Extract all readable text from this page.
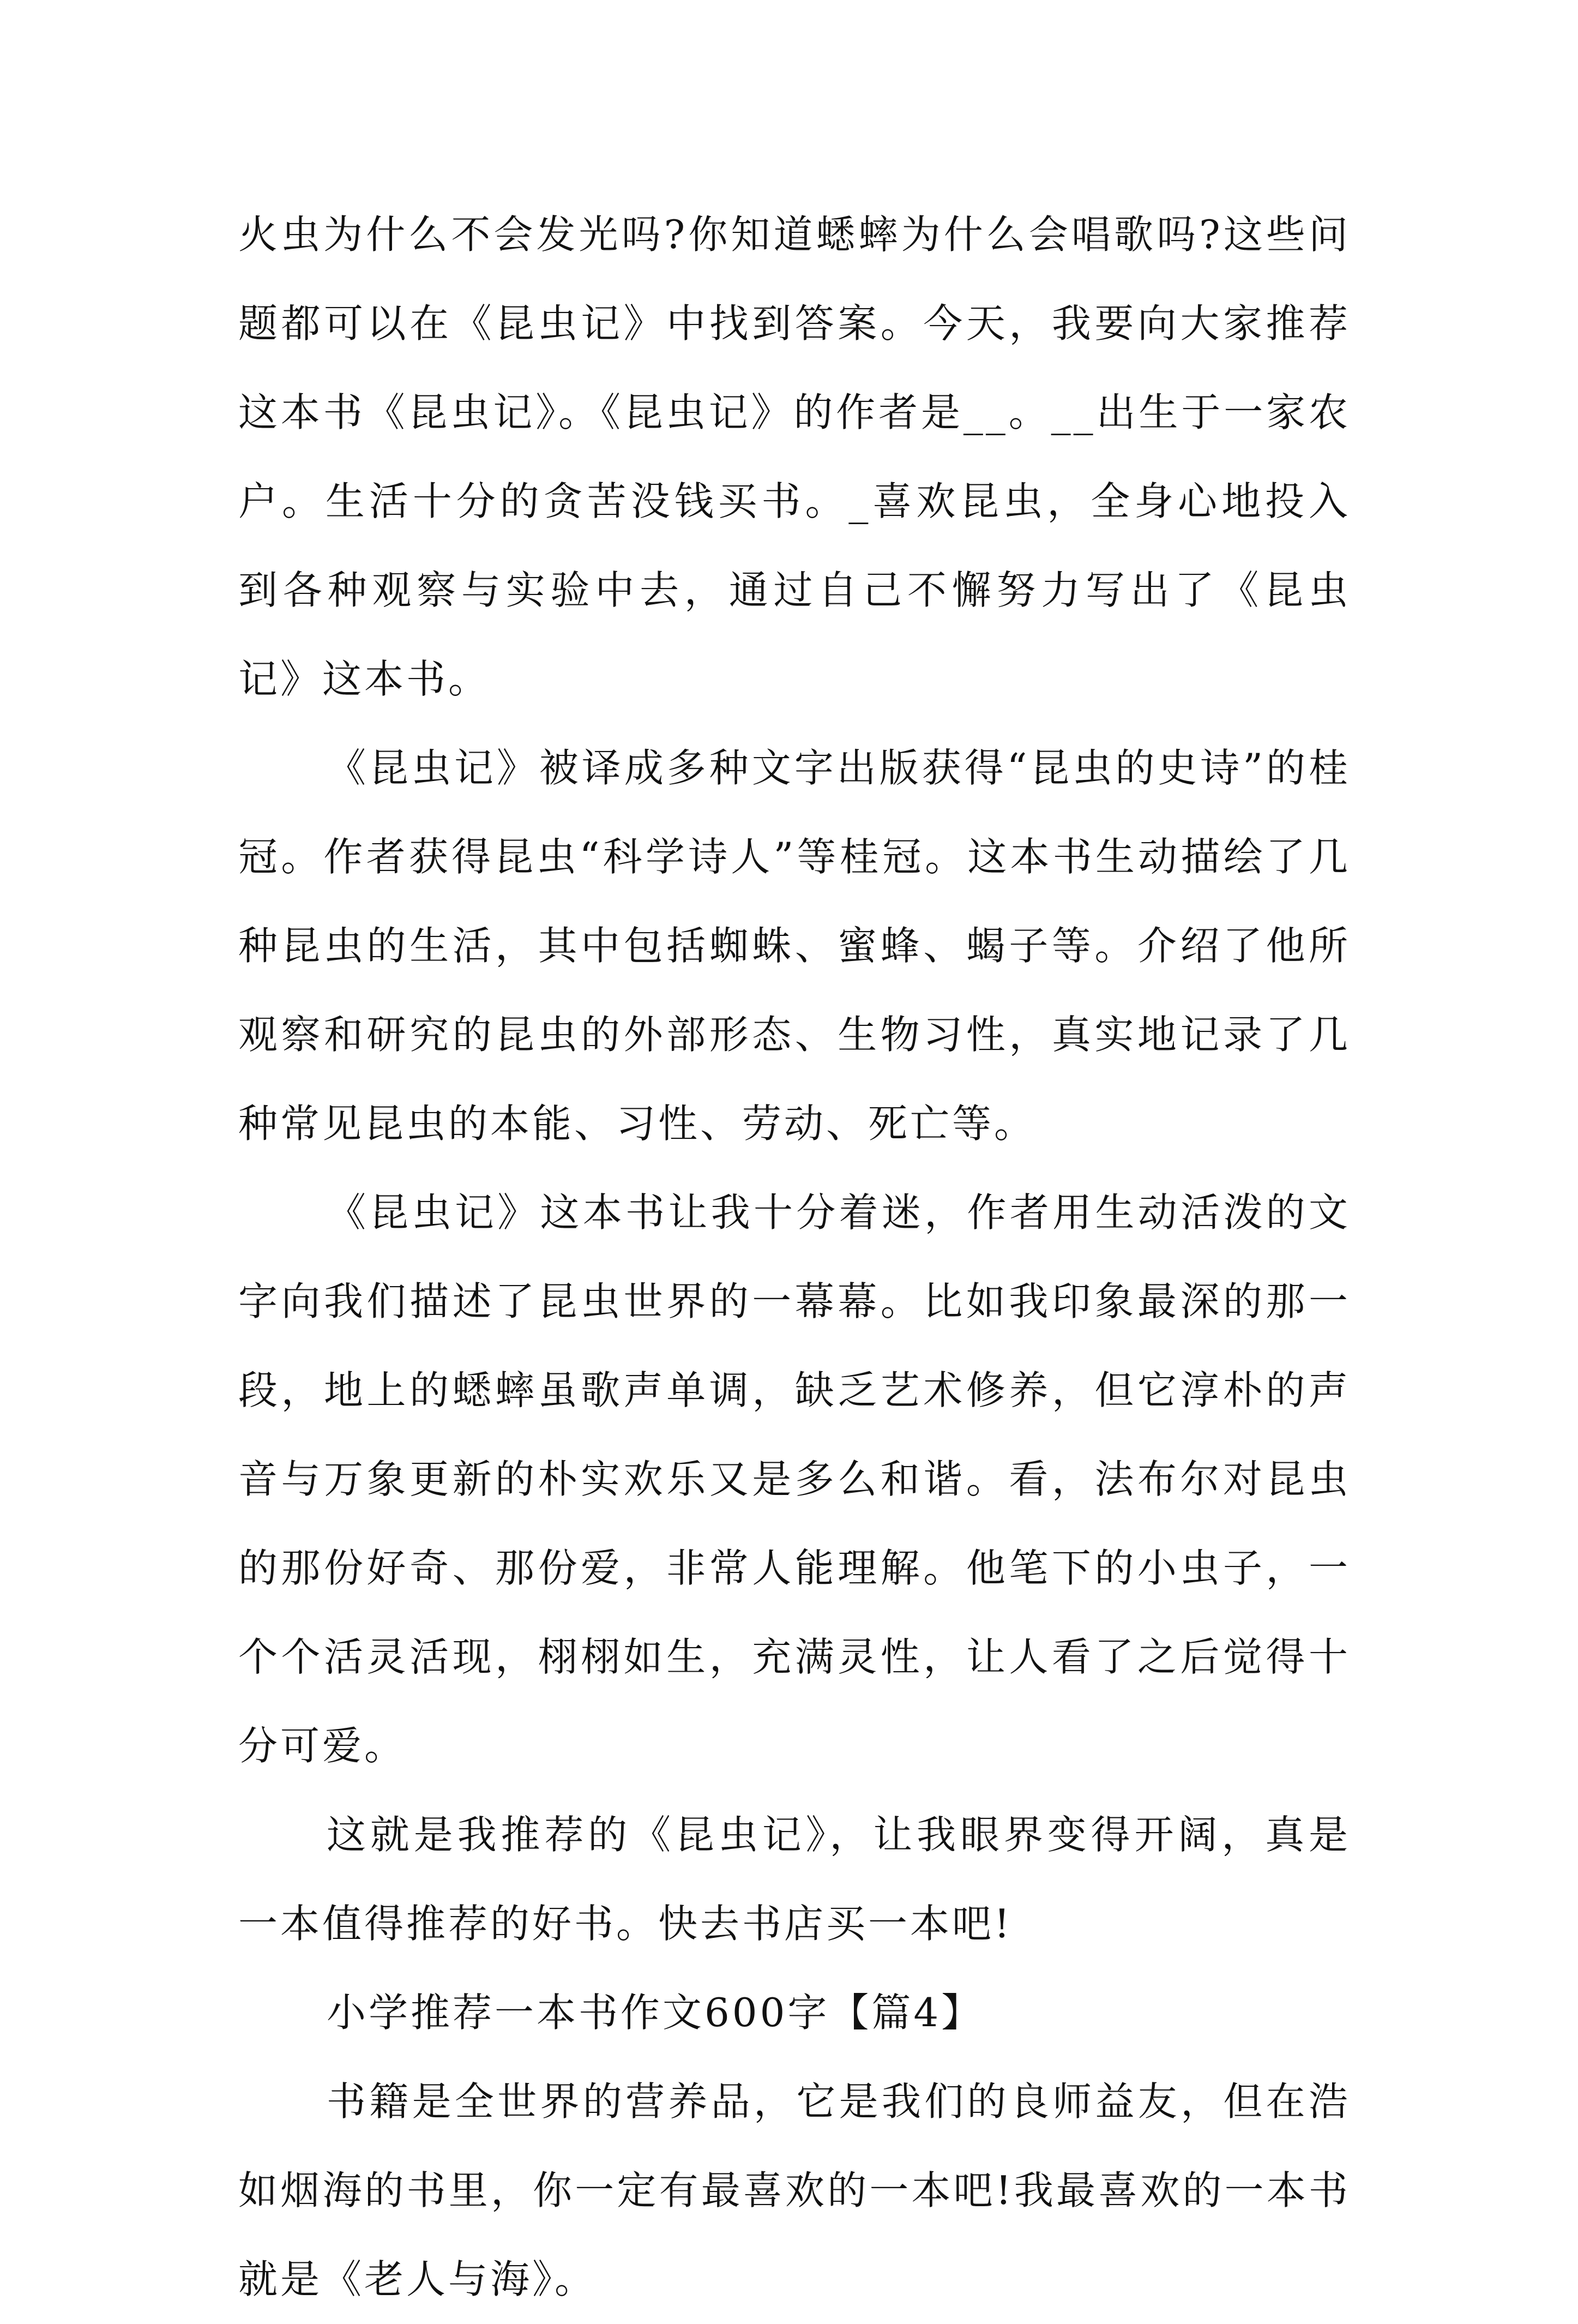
火虫为什么不会发光吗?你知道蟋蟀为什么会唱歌吗?这些问题都可以在《昆虫记》中找到答案。今天，我要向大家推荐这本书《昆虫记》。《昆虫记》的作者是__。__出生于一家农户。生活十分的贪苦没钱买书。_喜欢昆虫，全身心地投入到各种观察与实验中去，通过自己不懈努力写出了《昆虫记》这本书。

《昆虫记》被译成多种文字出版获得“昆虫的史诗”的桂冠。作者获得昆虫“科学诗人”等桂冠。这本书生动描绘了几种昆虫的生活，其中包括蜘蛛、蜜蜂、蝎子等。介绍了他所观察和研究的昆虫的外部形态、生物习性，真实地记录了几种常见昆虫的本能、习性、劳动、死亡等。

《昆虫记》这本书让我十分着迷，作者用生动活泼的文字向我们描述了昆虫世界的一幕幕。比如我印象最深的那一段，地上的蟋蟀虽歌声单调，缺乏艺术修养，但它淳朴的声音与万象更新的朴实欢乐又是多么和谐。看，法布尔对昆虫的那份好奇、那份爱，非常人能理解。他笔下的小虫子，一个个活灵活现，栩栩如生，充满灵性，让人看了之后觉得十分可爱。

这就是我推荐的《昆虫记》，让我眼界变得开阔，真是一本值得推荐的好书。快去书店买一本吧!

小学推荐一本书作文600字【篇4】

书籍是全世界的营养品，它是我们的良师益友，但在浩如烟海的书里，你一定有最喜欢的一本吧!我最喜欢的一本书就是《老人与海》。
